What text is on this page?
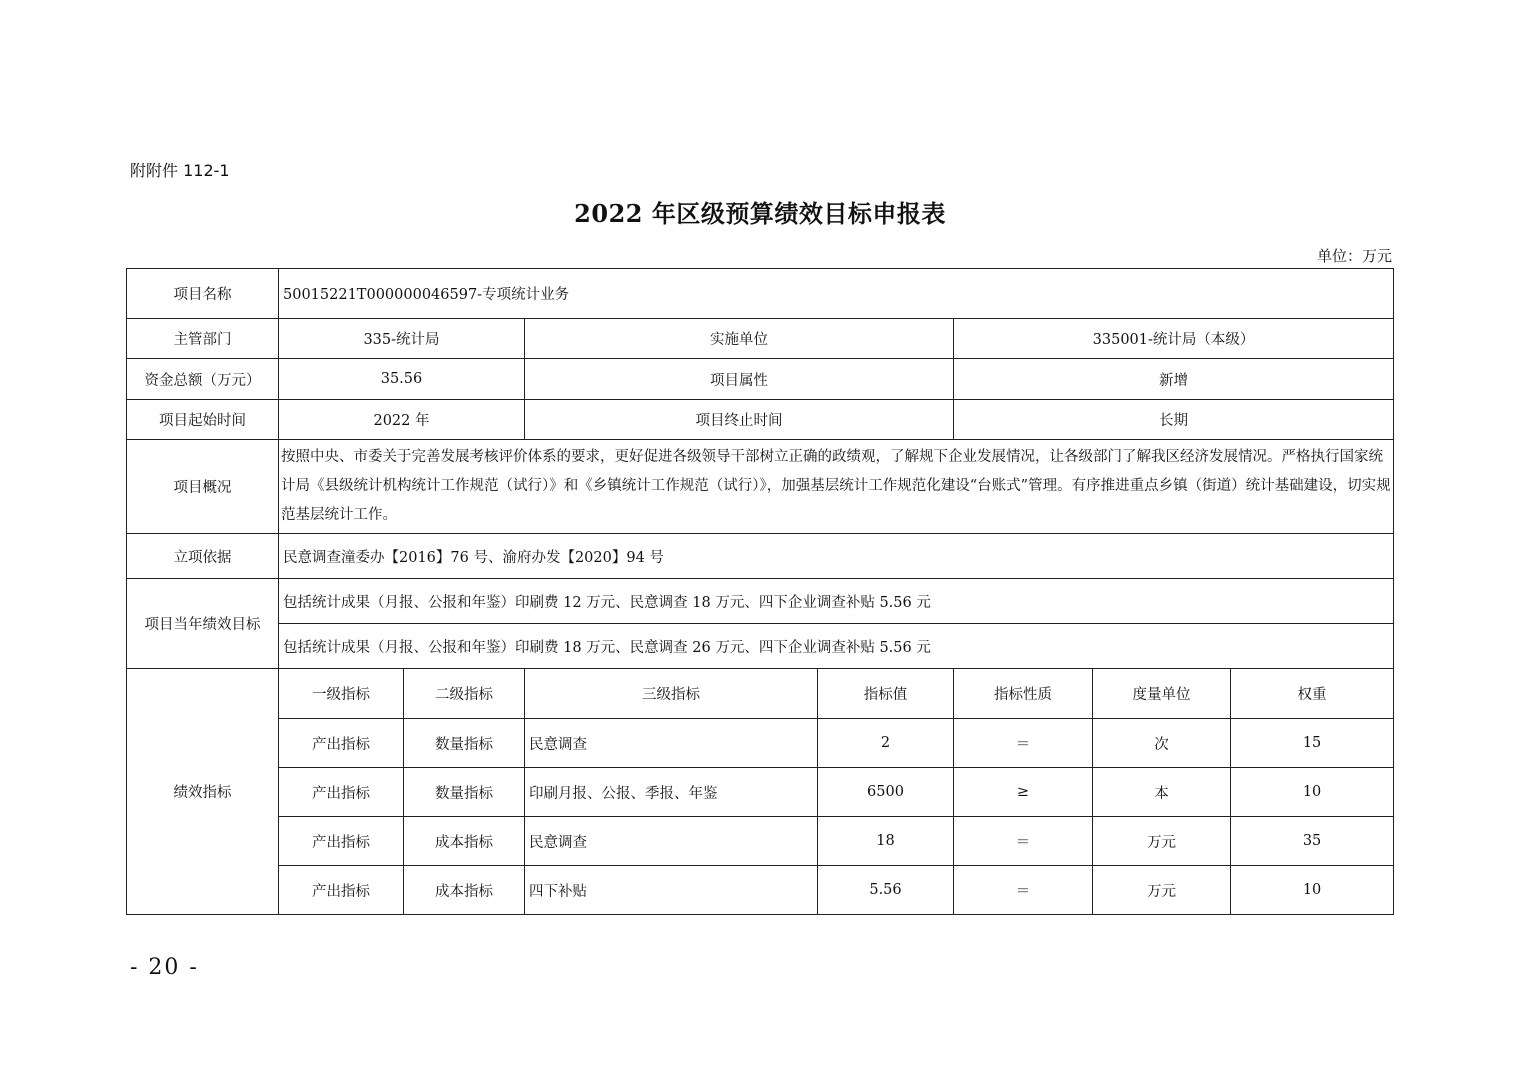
附附件 112-1
2022 年区级预算绩效目标申报表
单位：万元
项目名称	50015221T000000046597-专项统计业务						
主管部门	335-统计局		实施单位		335001-统计局（本级）		
资金总额（万元）	35.56		项目属性		新增		
项目起始时间	2022 年		项目终止时间		长期		
项目概况	按照中央、市委关于完善发展考核评价体系的要求，更好促进各级领导干部树立正确的政绩观，了解规下企业发展情况，让各级部门了解我区经济发展情况。严格执行国家统计局《县级统计机构统计工作规范（试行）》和《乡镇统计工作规范（试行）》，加强基层统计工作规范化建设“台账式”管理。有序推进重点乡镇（街道）统计基础建设，切实规范基层统计工作。						
立项依据	民意调查潼委办【2016】76 号、渝府办发【2020】94 号						
项目当年绩效目标	包括统计成果（月报、公报和年鉴）印刷费 12 万元、民意调查 18 万元、四下企业调查补贴 5.56 元						
	包括统计成果（月报、公报和年鉴）印刷费 18 万元、民意调查 26 万元、四下企业调查补贴 5.56 元						
绩效指标	一级指标	二级指标	三级指标	指标值	指标性质	度量单位	权重
	产出指标	数量指标	民意调查	2	＝	次	15
	产出指标	数量指标	印刷月报、公报、季报、年鉴	6500	≥	本	10
	产出指标	成本指标	民意调查	18	＝	万元	35
	产出指标	成本指标	四下补贴	5.56	＝	万元	10
- 20 -
